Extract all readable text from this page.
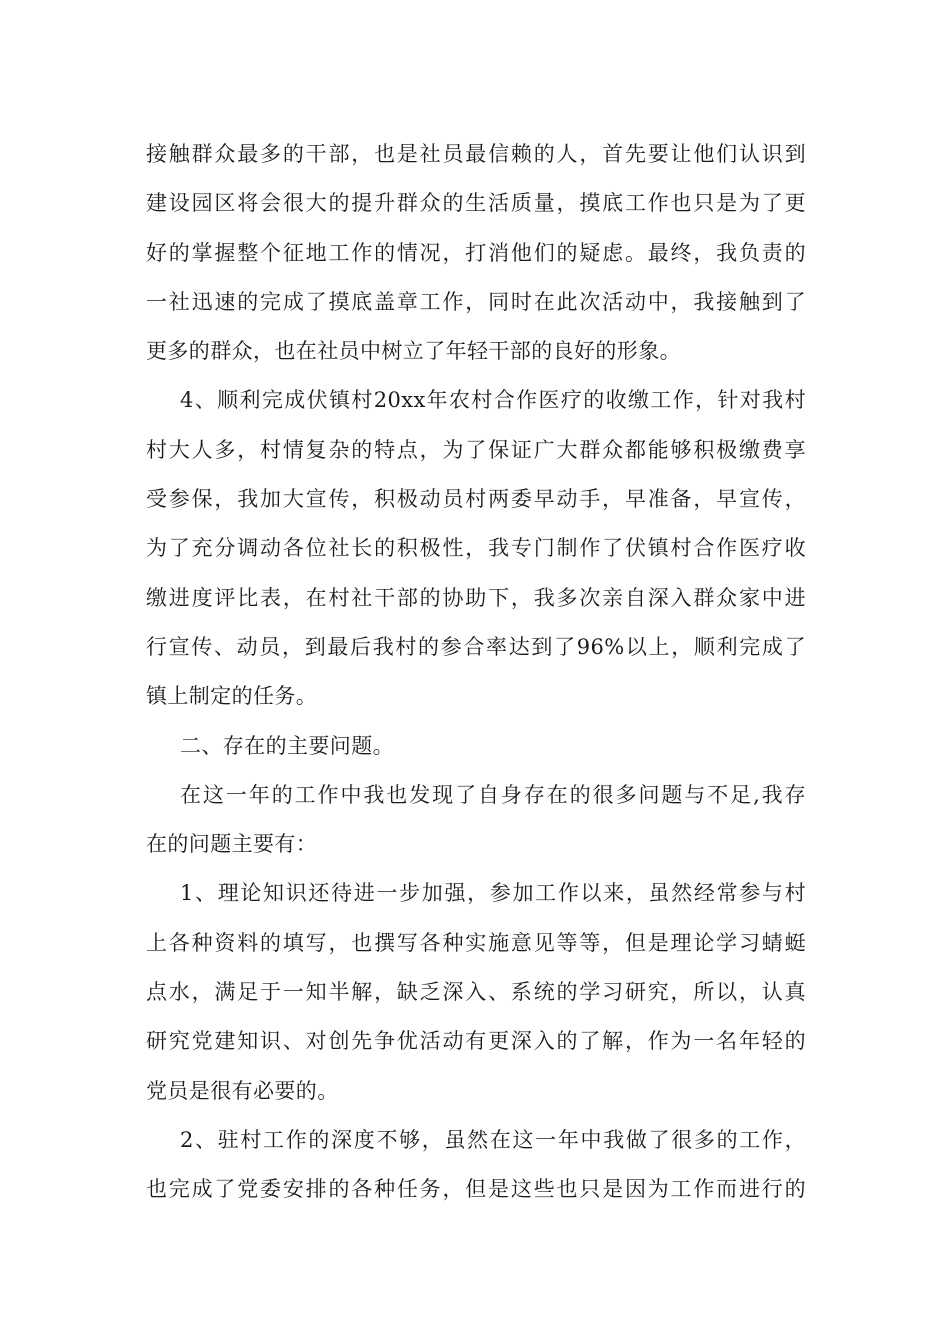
接触群众最多的干部，也是社员最信赖的人，首先要让他们认识到
建设园区将会很大的提升群众的生活质量，摸底工作也只是为了更
好的掌握整个征地工作的情况，打消他们的疑虑。最终，我负责的
一社迅速的完成了摸底盖章工作，同时在此次活动中，我接触到了
更多的群众，也在社员中树立了年轻干部的良好的形象。
4、顺利完成伏镇村20xx年农村合作医疗的收缴工作，针对我村
村大人多，村情复杂的特点，为了保证广大群众都能够积极缴费享
受参保，我加大宣传，积极动员村两委早动手，早准备，早宣传，
为了充分调动各位社长的积极性，我专门制作了伏镇村合作医疗收
缴进度评比表，在村社干部的协助下，我多次亲自深入群众家中进
行宣传、动员，到最后我村的参合率达到了96%以上，顺利完成了
镇上制定的任务。
二、存在的主要问题。
在这一年的工作中我也发现了自身存在的很多问题与不足,我存
在的问题主要有：
1、理论知识还待进一步加强，参加工作以来，虽然经常参与村
上各种资料的填写，也撰写各种实施意见等等，但是理论学习蜻蜓
点水，满足于一知半解，缺乏深入、系统的学习研究，所以，认真
研究党建知识、对创先争优活动有更深入的了解，作为一名年轻的
党员是很有必要的。
2、驻村工作的深度不够，虽然在这一年中我做了很多的工作，
也完成了党委安排的各种任务，但是这些也只是因为工作而进行的
